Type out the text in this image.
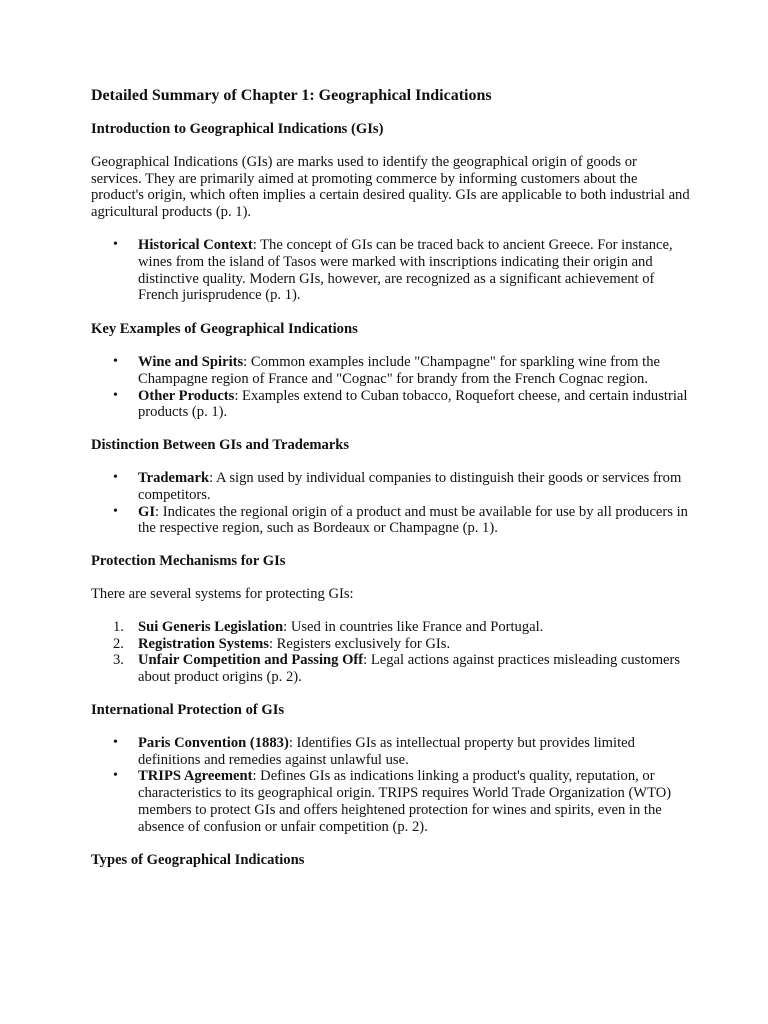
Detailed Summary of Chapter 1: Geographical Indications
Introduction to Geographical Indications (GIs)

Geographical Indications (GIs) are marks used to identify the geographical origin of goods or services. They are primarily aimed at promoting commerce by informing customers about the product's origin, which often implies a certain desired quality. GIs are applicable to both industrial and agricultural products (p. 1).

• Historical Context: The concept of GIs can be traced back to ancient Greece. For instance, wines from the island of Tasos were marked with inscriptions indicating their origin and distinctive quality. Modern GIs, however, are recognized as a significant achievement of French jurisprudence (p. 1).
Key Examples of Geographical Indications
• Wine and Spirits: Common examples include "Champagne" for sparkling wine from the Champagne region of France and "Cognac" for brandy from the French Cognac region.
• Other Products: Examples extend to Cuban tobacco, Roquefort cheese, and certain industrial products (p. 1).
Distinction Between GIs and Trademarks
• Trademark: A sign used by individual companies to distinguish their goods or services from competitors.
• GI: Indicates the regional origin of a product and must be available for use by all producers in the respective region, such as Bordeaux or Champagne (p. 1).
Protection Mechanisms for GIs

There are several systems for protecting GIs:

1. Sui Generis Legislation: Used in countries like France and Portugal.
2. Registration Systems: Registers exclusively for GIs.
3. Unfair Competition and Passing Off: Legal actions against practices misleading customers about product origins (p. 2).
International Protection of GIs
• Paris Convention (1883): Identifies GIs as intellectual property but provides limited definitions and remedies against unlawful use.
• TRIPS Agreement: Defines GIs as indications linking a product's quality, reputation, or characteristics to its geographical origin. TRIPS requires World Trade Organization (WTO) members to protect GIs and offers heightened protection for wines and spirits, even in the absence of confusion or unfair competition (p. 2).
Types of Geographical Indications
